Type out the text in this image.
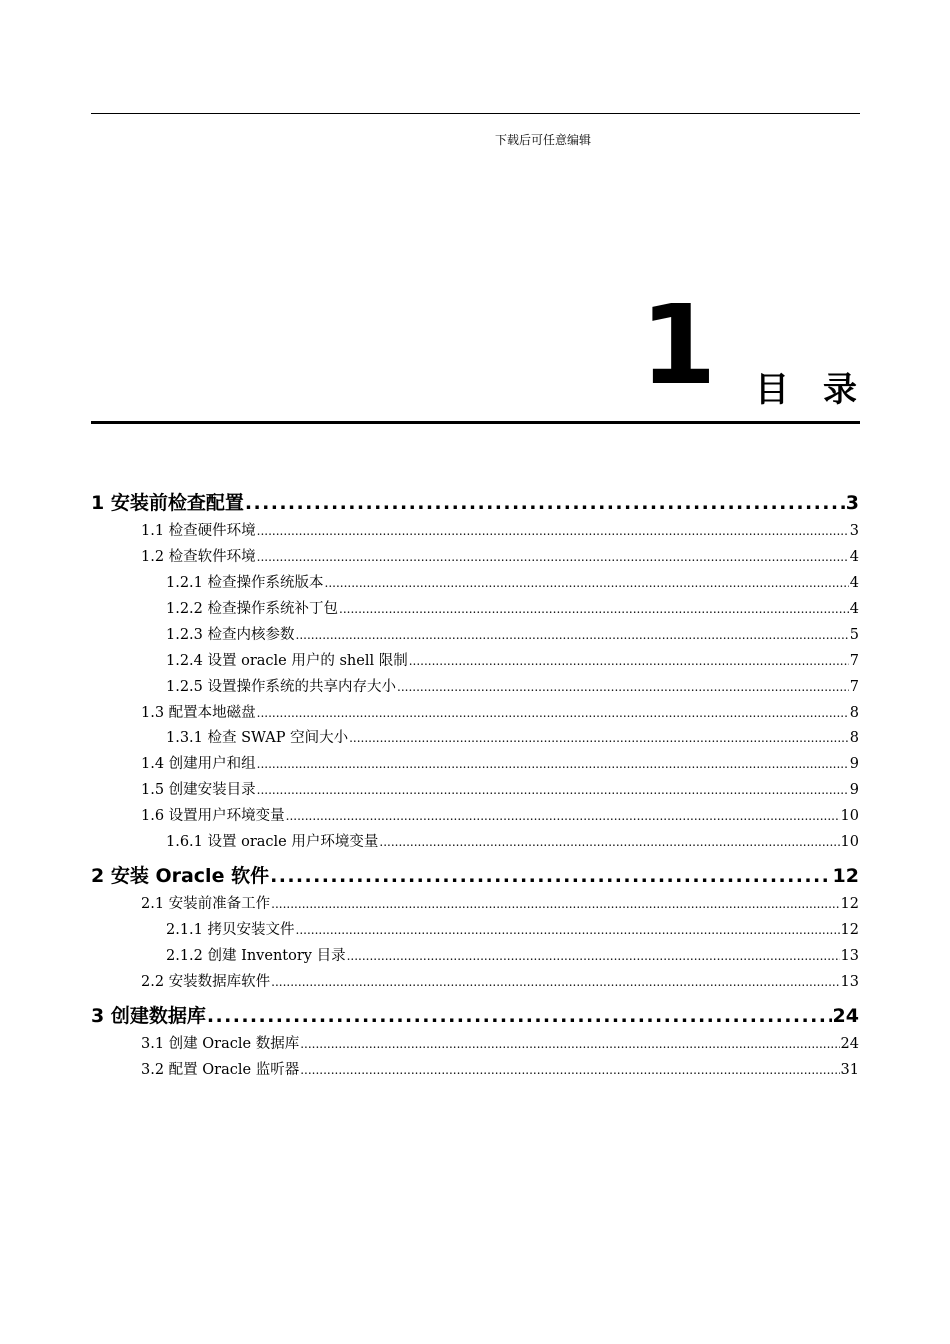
下载后可任意编辑
1 目录
1 安装前检查配置 .....	3
1.1 检查硬件环境 .....	3
1.2 检查软件环境 .....	4
1.2.1 检查操作系统版本 .....	4
1.2.2 检查操作系统补丁包 .....	4
1.2.3 检查内核参数 .....	5
1.2.4 设置 oracle 用户的 shell 限制 .....	7
1.2.5 设置操作系统的共享内存大小 .....	7
1.3 配置本地磁盘 .....	8
1.3.1 检查 SWAP 空间大小 .....	8
1.4 创建用户和组 .....	9
1.5 创建安装目录 .....	9
1.6 设置用户环境变量 .....	10
1.6.1 设置 oracle 用户环境变量 .....	10
2 安装 Oracle 软件 .....	12
2.1 安装前准备工作 .....	12
2.1.1 拷贝安装文件 .....	12
2.1.2 创建 Inventory 目录 .....	13
2.2 安装数据库软件 .....	13
3 创建数据库 .....	24
3.1 创建 Oracle 数据库 .....	24
3.2 配置 Oracle 监听器 .....	31
